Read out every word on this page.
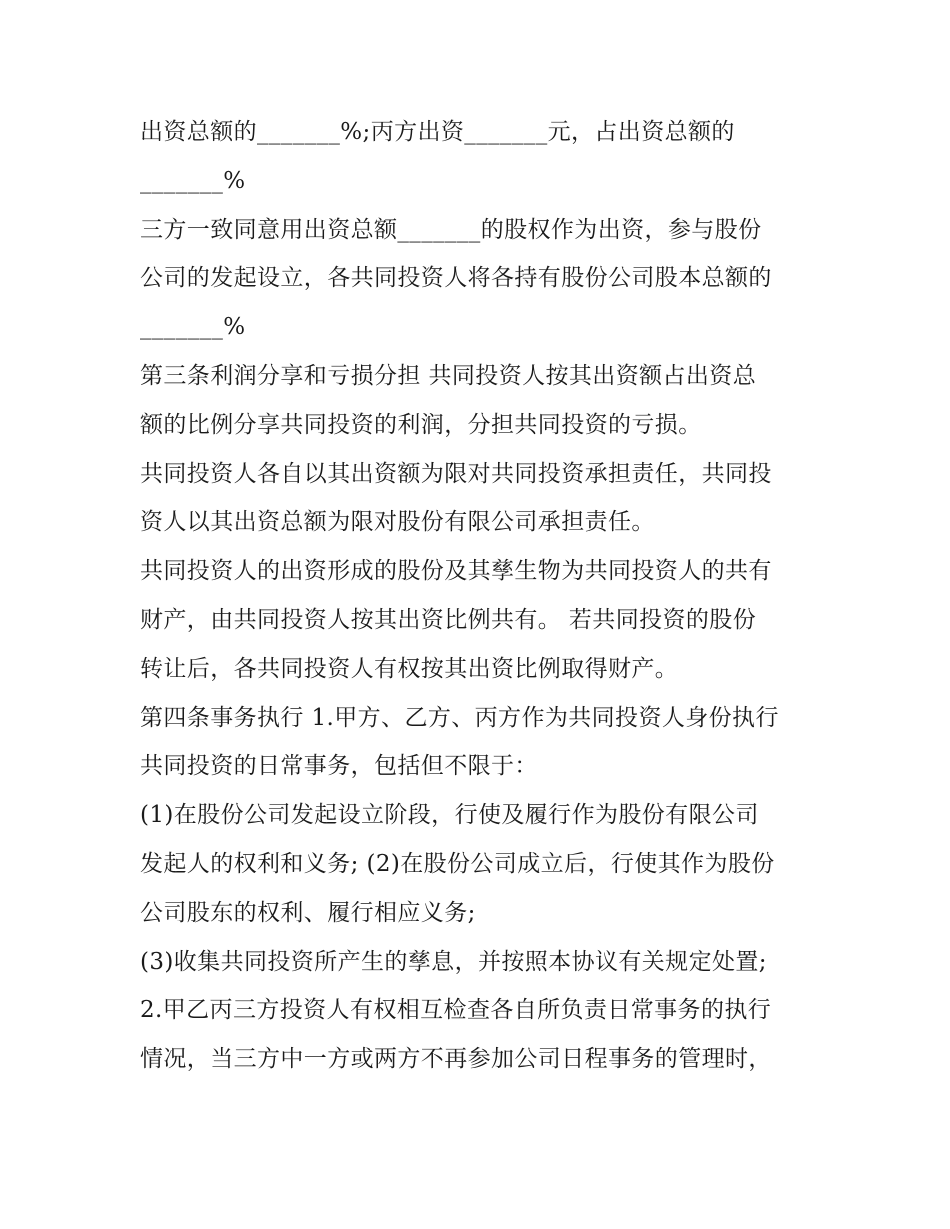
出资总额的_______%;丙方出资_______元，占出资总额的
_______%
三方一致同意用出资总额_______的股权作为出资，参与股份
公司的发起设立，各共同投资人将各持有股份公司股本总额的
_______%
第三条利润分享和亏损分担 共同投资人按其出资额占出资总
额的比例分享共同投资的利润，分担共同投资的亏损。
共同投资人各自以其出资额为限对共同投资承担责任，共同投
资人以其出资总额为限对股份有限公司承担责任。
共同投资人的出资形成的股份及其孳生物为共同投资人的共有
财产，由共同投资人按其出资比例共有。 若共同投资的股份
转让后，各共同投资人有权按其出资比例取得财产。
第四条事务执行 1.甲方、乙方、丙方作为共同投资人身份执行
共同投资的日常事务，包括但不限于：
(1)在股份公司发起设立阶段，行使及履行作为股份有限公司
发起人的权利和义务; (2)在股份公司成立后，行使其作为股份
公司股东的权利、履行相应义务;
(3)收集共同投资所产生的孳息，并按照本协议有关规定处置;
2.甲乙丙三方投资人有权相互检查各自所负责日常事务的执行
情况，当三方中一方或两方不再参加公司日程事务的管理时，
